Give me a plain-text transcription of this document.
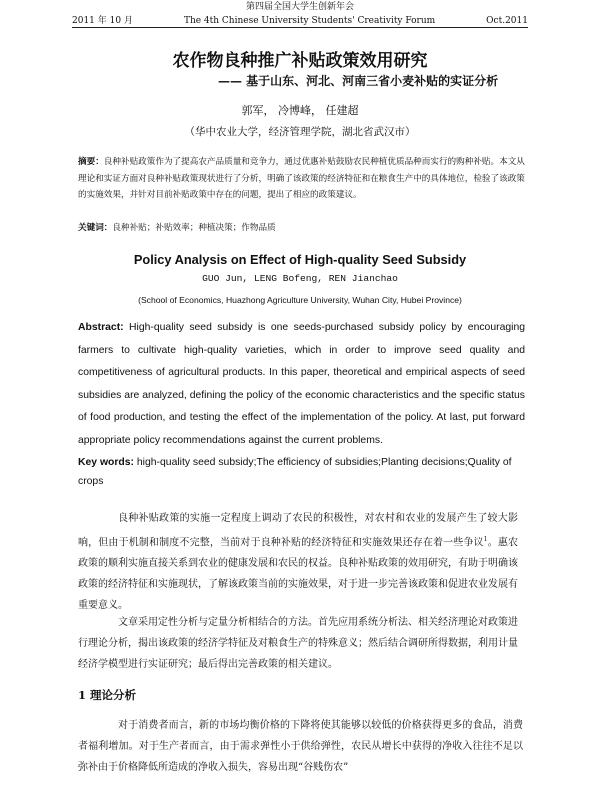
第四届全国大学生创新年会
2011 年 10 月	The 4th Chinese University Students' Creativity Forum	Oct.2011
农作物良种推广补贴政策效用研究
—— 基于山东、河北、河南三省小麦补贴的实证分析
郭军， 冷博峰， 任建超
（华中农业大学，经济管理学院，湖北省武汉市）
摘要：良种补贴政策作为了提高农产品质量和竞争力，通过优惠补贴鼓励农民种植优质品种而实行的购种补贴。本文从理论和实证方面对良种补贴政策现状进行了分析，明确了该政策的经济特征和在粮食生产中的具体地位，检验了该政策的实施效果，并针对目前补贴政策中存在的问题，提出了相应的政策建议。
关键词：良种补贴；补贴效率；种植决策；作物品质
Policy Analysis on Effect of High-quality Seed Subsidy
GUO Jun, LENG Bofeng, REN Jianchao
(School of Economics, Huazhong Agriculture University, Wuhan City, Hubei Province)
Abstract: High-quality seed subsidy is one seeds-purchased subsidy policy by encouraging farmers to cultivate high-quality varieties, which in order to improve seed quality and competitiveness of agricultural products. In this paper, theoretical and empirical aspects of seed subsidies are analyzed, defining the policy of the economic characteristics and the specific status of food production, and testing the effect of the implementation of the policy. At last, put forward appropriate policy recommendations against the current problems.
Key words: high-quality seed subsidy;The efficiency of subsidies;Planting decisions;Quality of crops
良种补贴政策的实施一定程度上调动了农民的积极性，对农村和农业的发展产生了较大影响，但由于机制和制度不完整，当前对于良种补贴的经济特征和实施效果还存在着一些争议$^1$。惠农政策的顺利实施直接关系到农业的健康发展和农民的权益。良种补贴政策的效用研究，有助于明确该政策的经济特征和实施现状，了解该政策当前的实施效果，对于进一步完善该政策和促进农业发展有重要意义。
文章采用定性分析与定量分析相结合的方法。首先应用系统分析法、相关经济理论对政策进行理论分析，揭出该政策的经济学特征及对粮食生产的特殊意义；然后结合调研所得数据，利用计量经济学模型进行实证研究；最后得出完善政策的相关建议。
1 理论分析
对于消费者而言，新的市场均衡价格的下降将使其能够以较低的价格获得更多的食品，消费者福利增加。对于生产者而言，由于需求弹性小于供给弹性，农民从增长中获得的净收入往往不足以弥补由于价格降低所造成的净收入损失，容易出现“谷贱伤农”
